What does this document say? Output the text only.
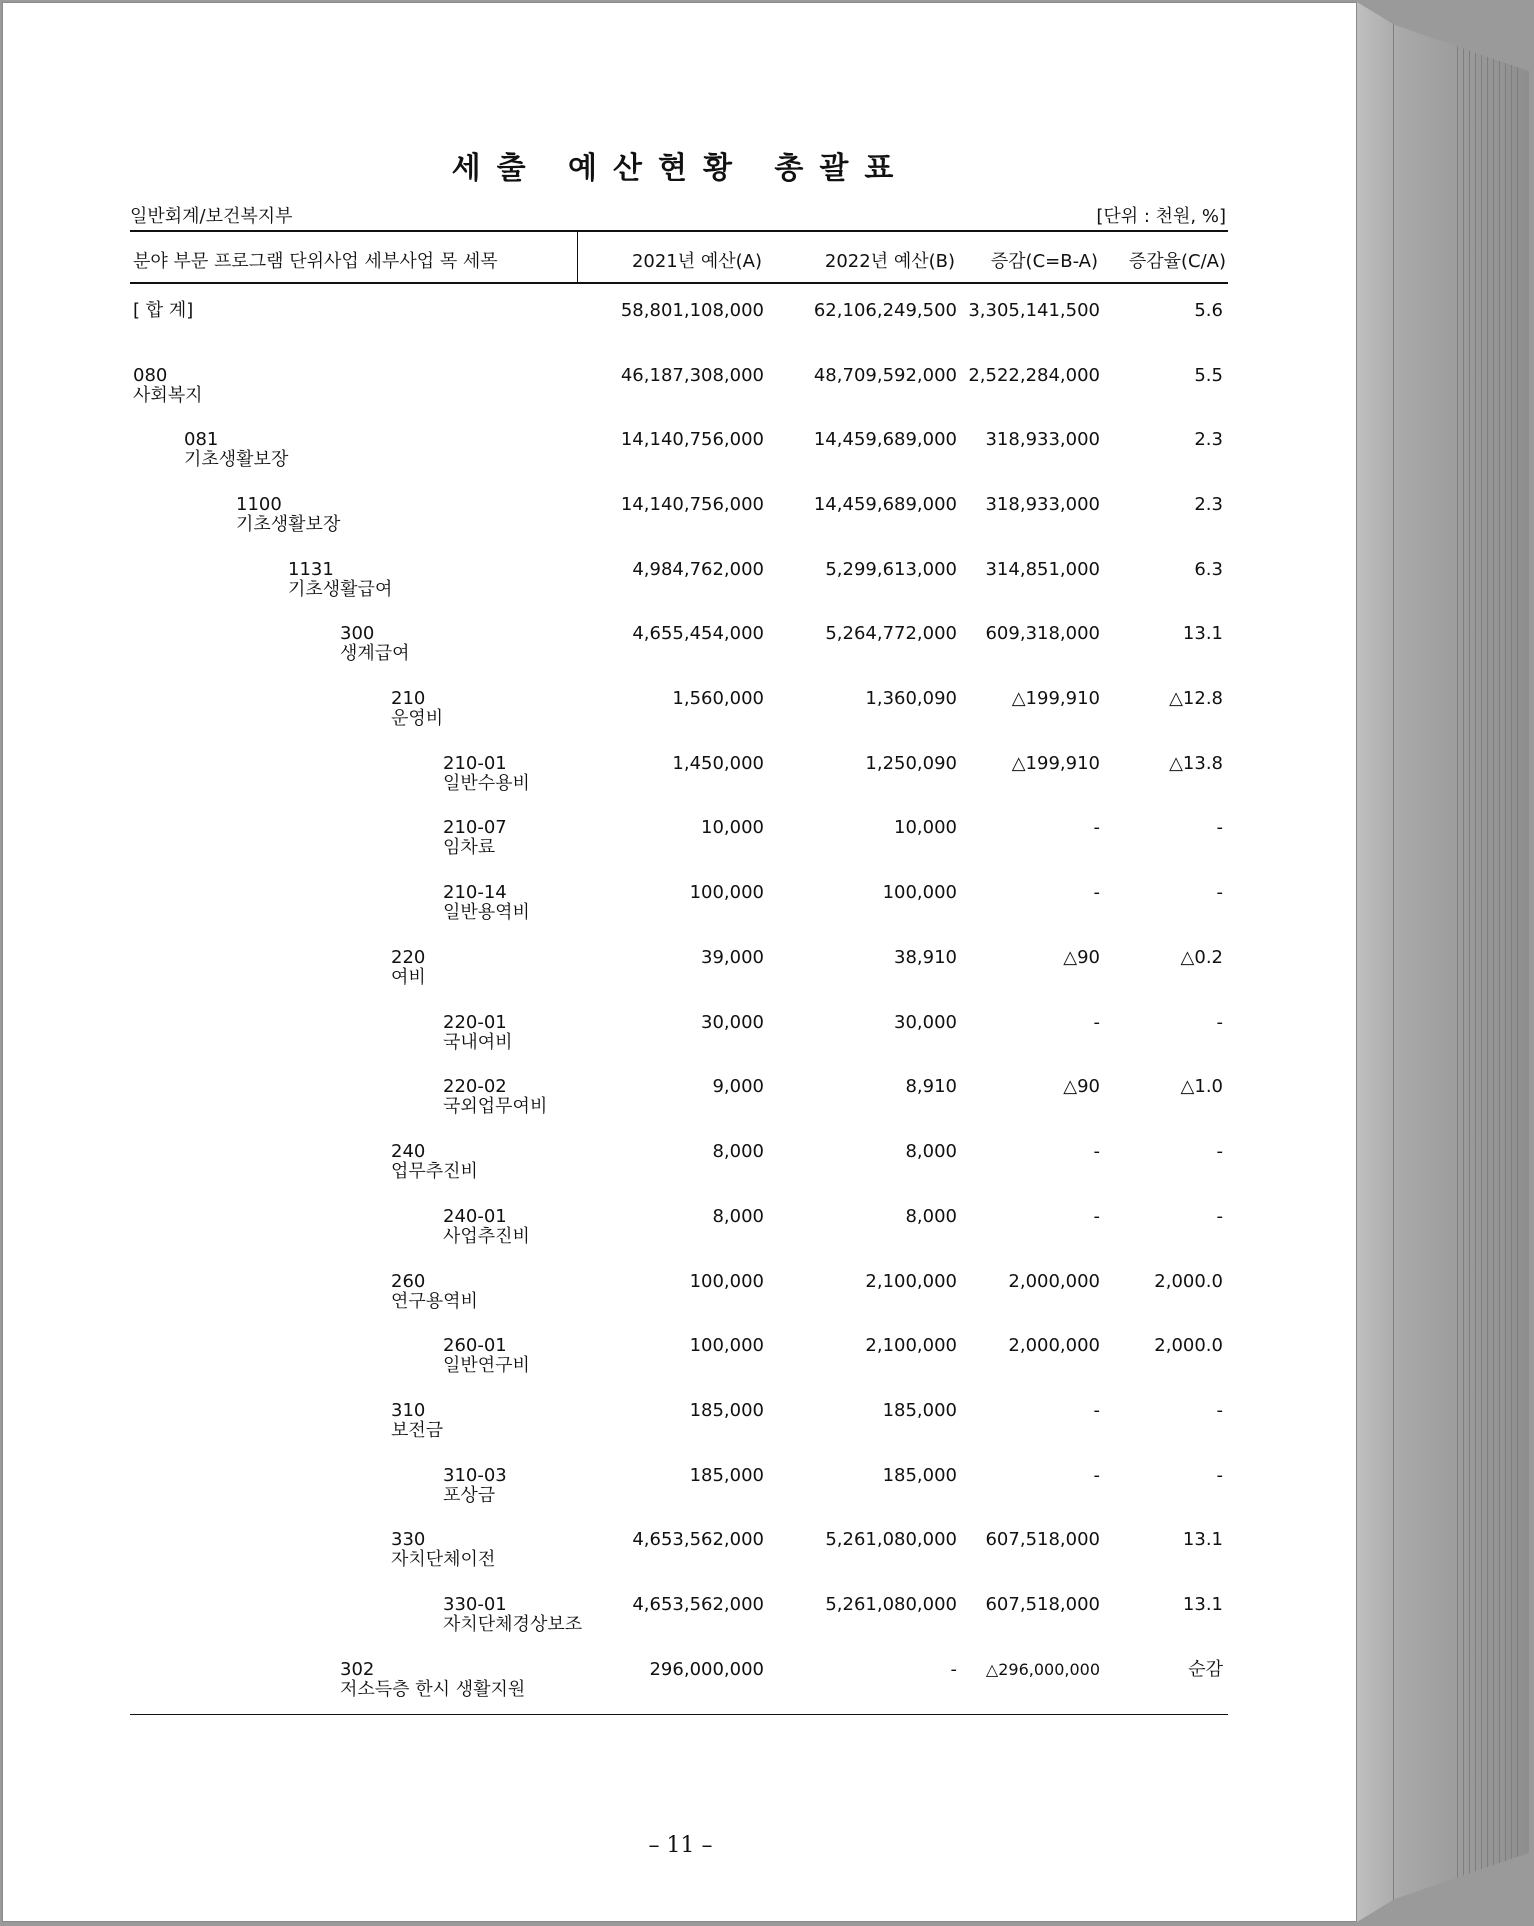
세출 예산현황 총괄표
일반회계/보건복지부	[단위 : 천원, %]
분야 부문 프로그램 단위사업 세부사업 목 세목	2021년 예산(A)	2022년 예산(B) 증감(C=B-A) 증감율(C/A)
[ 합 계]	58,801,108,000	62,106,249,500 3,305,141,500	5.6
080
사회복지
46,187,308,000	48,709,592,000 2,522,284,000	5.5
081
기초생활보장
14,140,756,000	14,459,689,000 318,933,000	2.3
1100
기초생활보장
14,140,756,000	14,459,689,000 318,933,000	2.3
1131
기초생활급여
4,984,762,000	5,299,613,000 314,851,000	6.3
300
생계급여
4,655,454,000	5,264,772,000 609,318,000	13.1
210
운영비
1,560,000	1,360,090	△199,910	△12.8
210-01
일반수용비
1,450,000	1,250,090	△199,910	△13.8
210-07
임차료
10,000	10,000	-	-
210-14
일반용역비
100,000	100,000	-	-
220
여비
39,000	38,910	△90	△0.2
220-01
국내여비
30,000	30,000	-	-
220-02
국외업무여비
9,000	8,910	△90	△1.0
240
업무추진비
8,000	8,000	-	-
240-01
사업추진비
8,000	8,000	-	-
260
연구용역비
100,000	2,100,000	2,000,000	2,000.0
260-01
일반연구비
100,000	2,100,000	2,000,000	2,000.0
310
보전금
185,000	185,000	-	-
310-03
포상금
185,000	185,000	-	-
330
자치단체이전
4,653,562,000	5,261,080,000 607,518,000	13.1
330-01
자치단체경상보조
4,653,562,000	5,261,080,000 607,518,000	13.1
302
저소득층 한시 생활지원
296,000,000	- △296,000,000	순감
– 11 –
